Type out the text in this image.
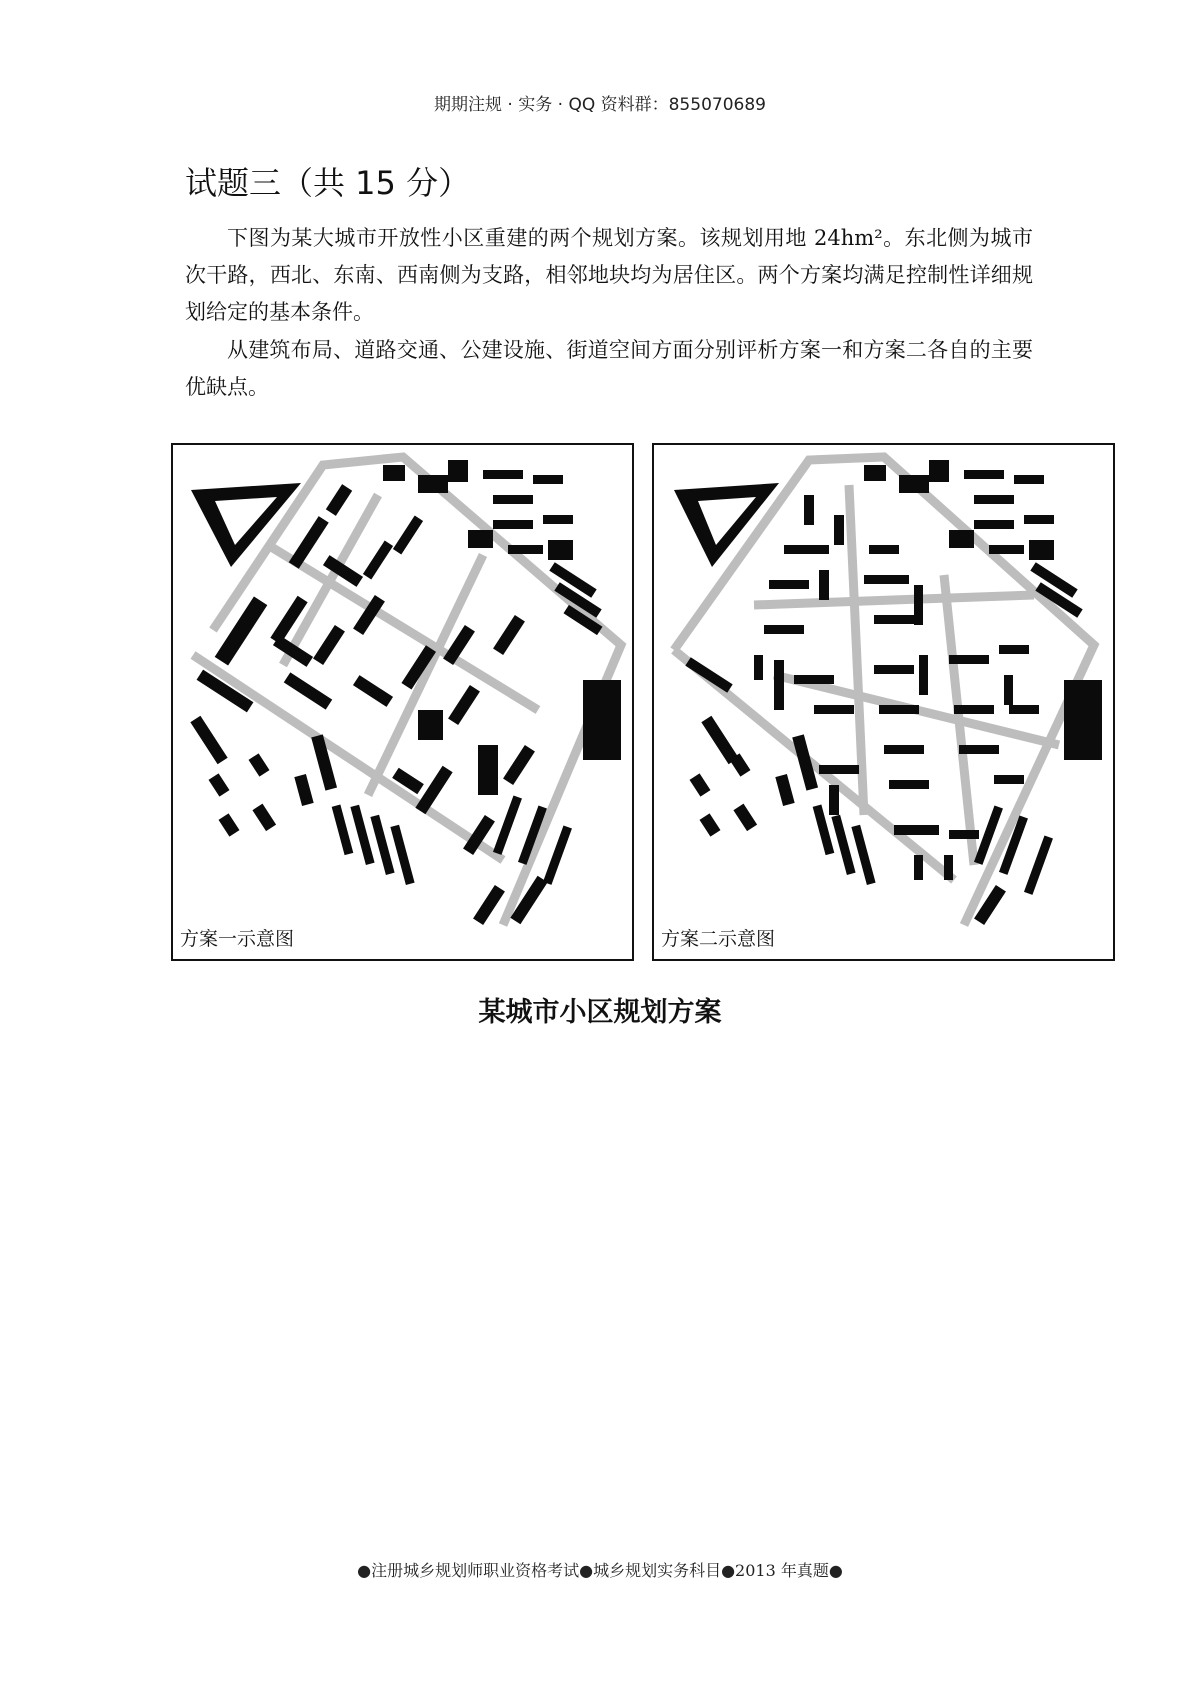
期期注规 · 实务 · QQ 资料群：855070689
试题三（共 15 分）

下图为某大城市开放性小区重建的两个规划方案。该规划用地 24hm²。东北侧为城市次干路，西北、东南、西南侧为支路，相邻地块均为居住区。两个方案均满足控制性详细规划给定的基本条件。

从建筑布局、道路交通、公建设施、街道空间方面分别评析方案一和方案二各自的主要优缺点。

方案一示意图	方案二示意图
某城市小区规划方案
●注册城乡规划师职业资格考试●城乡规划实务科目●2013 年真题●
